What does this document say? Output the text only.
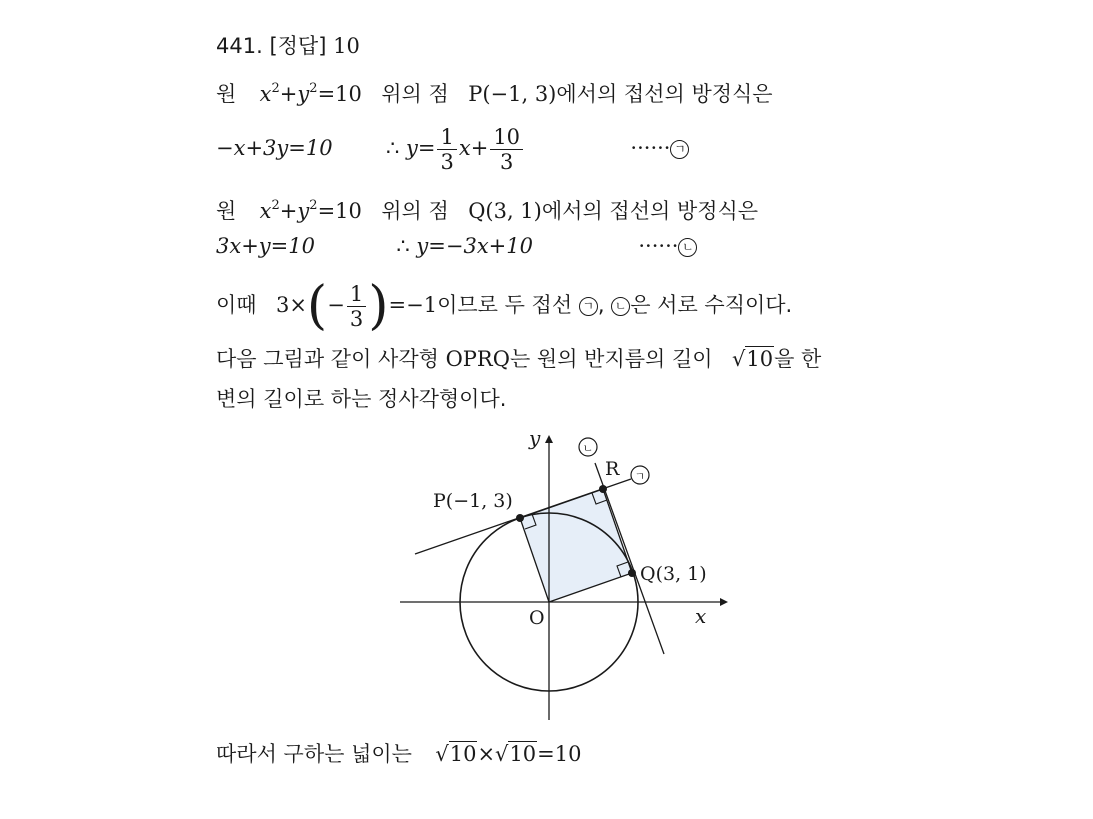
441. [정답] 10
원 $x^2+y^2=10$ 위의 점 P(−1, 3)에서의 접선의 방정식은
−x+3y=10	∴ $y= \frac{1}{3} x+ \frac{10}{3}$	······ ㄱ
원 $x^2+y^2=10$ 위의 점 Q(3, 1)에서의 접선의 방정식은
3x+y=10	∴ y=−3x+10	······ ㄴ
이때 $3\times(- \frac{1}{3} )=-1$이므로 두 접선 ㄱ , ㄴ 은 서로 수직이다.
다음 그림과 같이 사각형 OPRQ는 원의 반지름의 길이 √10을 한
변의 길이로 하는 정사각형이다.
따라서 구하는 넓이는 √10×√10=10
y
x
O
P(−1, 3)
Q(3, 1)
R ㄱ
ㄴ
